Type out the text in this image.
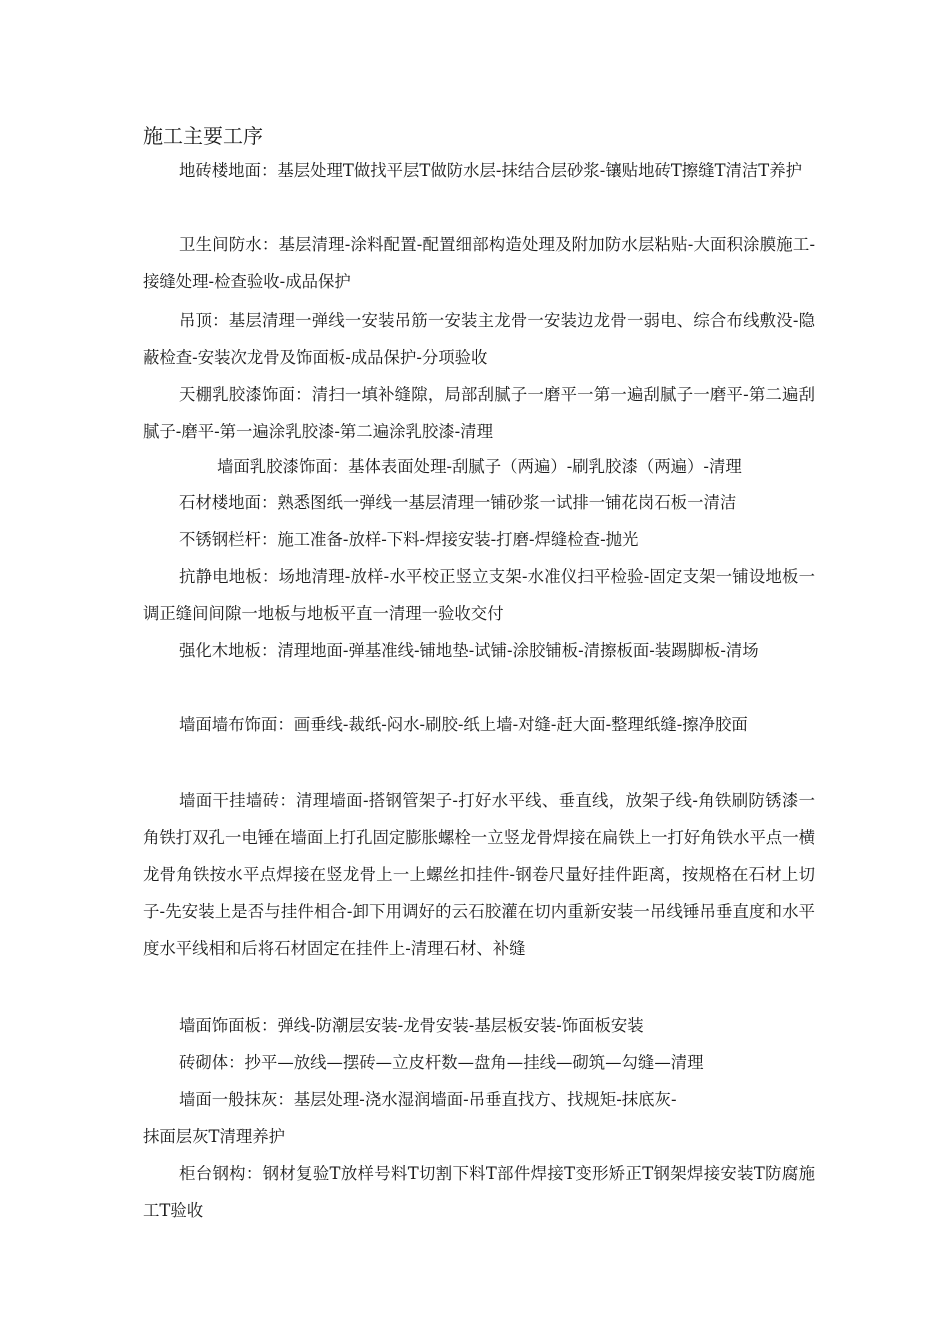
施工主要工序

地砖楼地面：基层处理T做找平层T做防水层-抹结合层砂浆-镶贴地砖T擦缝T清洁T养护

卫生间防水：基层清理-涂料配置-配置细部构造处理及附加防水层粘贴-大面积涂膜施工-接缝处理-检查验收-成品保护

吊顶：基层清理一弹线一安装吊筋一安装主龙骨一安装边龙骨一弱电、综合布线敷没-隐蔽检查-安装次龙骨及饰面板-成品保护-分项验收

天棚乳胶漆饰面：清扫一填补缝隙，局部刮腻子一磨平一第一遍刮腻子一磨平-第二遍刮腻子-磨平-第一遍涂乳胶漆-第二遍涂乳胶漆-清理

墙面乳胶漆饰面：基体表面处理-刮腻子（两遍）-刷乳胶漆（两遍）-清理

石材楼地面：熟悉图纸一弹线一基层清理一铺砂浆一试排一铺花岗石板一清洁

不锈钢栏杆：施工准备-放样-下料-焊接安装-打磨-焊缝检查-抛光

抗静电地板：场地清理-放样-水平校正竖立支架-水准仪扫平检验-固定支架一铺设地板一调正缝间间隙一地板与地板平直一清理一验收交付

强化木地板：清理地面-弹基准线-铺地垫-试铺-涂胶铺板-清擦板面-装踢脚板-清场

墙面墙布饰面：画垂线-裁纸-闷水-刷胶-纸上墙-对缝-赶大面-整理纸缝-擦净胶面

墙面干挂墙砖：清理墙面-搭钢管架子-打好水平线、垂直线，放架子线-角铁刷防锈漆一角铁打双孔一电锤在墙面上打孔固定膨胀螺栓一立竖龙骨焊接在扁铁上一打好角铁水平点一横龙骨角铁按水平点焊接在竖龙骨上一上螺丝扣挂件-钢卷尺量好挂件距离，按规格在石材上切子-先安装上是否与挂件相合-卸下用调好的云石胶灌在切内重新安装一吊线锤吊垂直度和水平度水平线相和后将石材固定在挂件上-清理石材、补缝

墙面饰面板：弹线-防潮层安装-龙骨安装-基层板安装-饰面板安装

砖砌体：抄平—放线—摆砖—立皮杆数—盘角—挂线—砌筑—勾缝—清理

墙面一般抹灰：基层处理-浇水湿润墙面-吊垂直找方、找规矩-抹底灰-

抹面层灰T清理养护

柜台钢构：钢材复验T放样号料T切割下料T部件焊接T变形矫正T钢架焊接安装T防腐施工T验收
